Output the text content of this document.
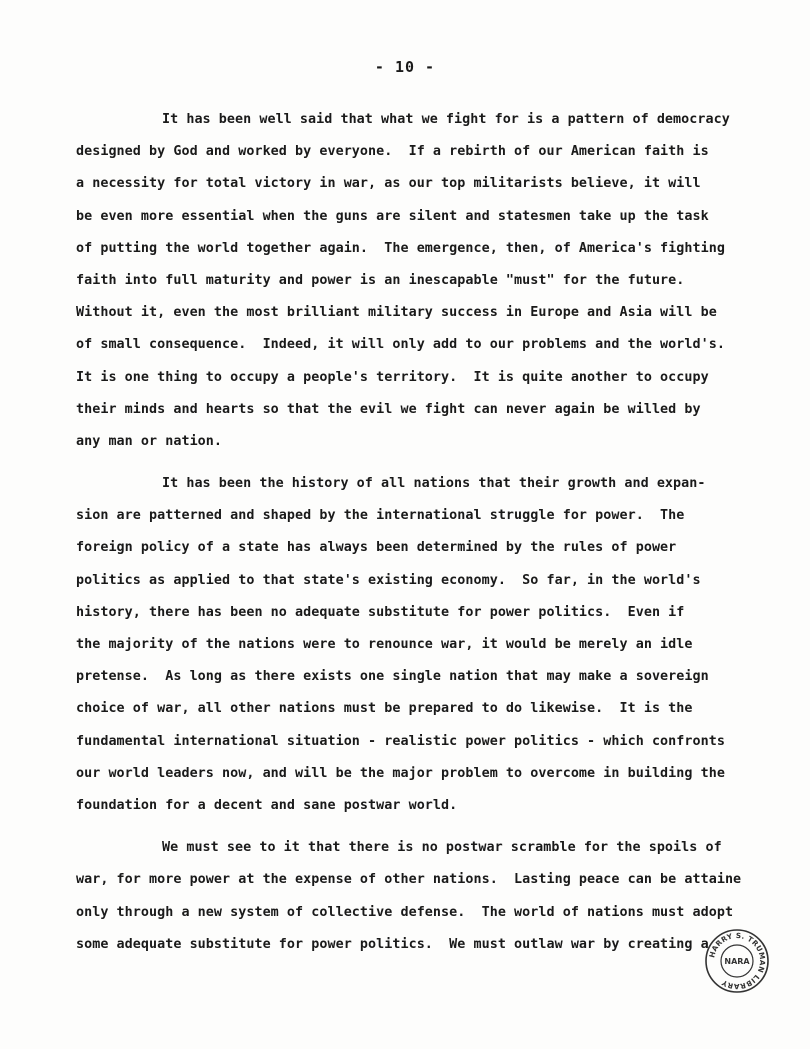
- 10 -
It has been well said that what we fight for is a pattern of democracy
designed by God and worked by everyone.  If a rebirth of our American faith is
a necessity for total victory in war, as our top militarists believe, it will
be even more essential when the guns are silent and statesmen take up the task
of putting the world together again.  The emergence, then, of America's fighting
faith into full maturity and power is an inescapable "must" for the future.
Without it, even the most brilliant military success in Europe and Asia will be
of small consequence.  Indeed, it will only add to our problems and the world's.
It is one thing to occupy a people's territory.  It is quite another to occupy
their minds and hearts so that the evil we fight can never again be willed by
any man or nation.
It has been the history of all nations that their growth and expan-
sion are patterned and shaped by the international struggle for power.  The
foreign policy of a state has always been determined by the rules of power
politics as applied to that state's existing economy.  So far, in the world's
history, there has been no adequate substitute for power politics.  Even if
the majority of the nations were to renounce war, it would be merely an idle
pretense.  As long as there exists one single nation that may make a sovereign
choice of war, all other nations must be prepared to do likewise.  It is the
fundamental international situation - realistic power politics - which confronts
our world leaders now, and will be the major problem to overcome in building the
foundation for a decent and sane postwar world.
We must see to it that there is no postwar scramble for the spoils of
war, for more power at the expense of other nations.  Lasting peace can be attaine
only through a new system of collective defense.  The world of nations must adopt
some adequate substitute for power politics.  We must outlaw war by creating a
HARRY S. TRUMAN LIBRARY
NARA
